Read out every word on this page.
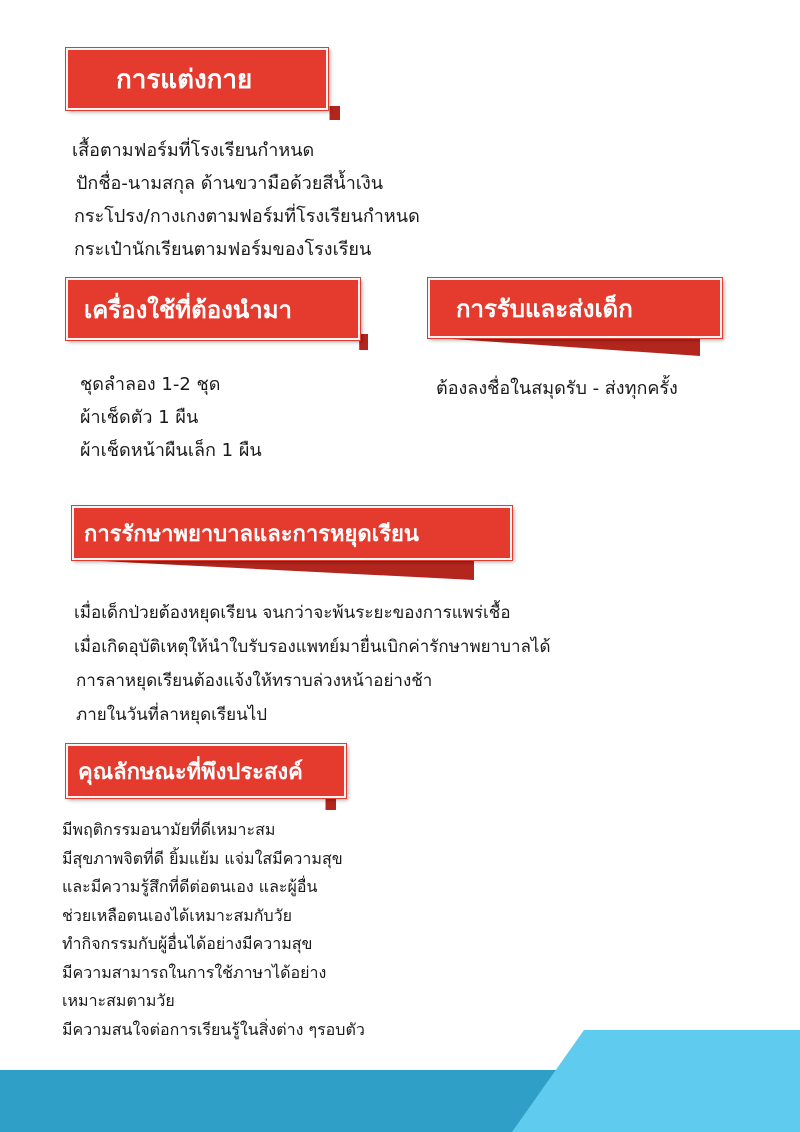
การแต่งกาย
เสื้อตามฟอร์มที่โรงเรียนกำหนด
ปักชื่อ-นามสกุล ด้านขวามือด้วยสีน้ำเงิน
กระโปรง/กางเกงตามฟอร์มที่โรงเรียนกำหนด
กระเป๋านักเรียนตามฟอร์มของโรงเรียน
เครื่องใช้ที่ต้องนำมา
ชุดลำลอง 1-2 ชุด
ผ้าเช็ดตัว 1 ผืน
ผ้าเช็ดหน้าผืนเล็ก 1 ผืน
การรับและส่งเด็ก
ต้องลงชื่อในสมุดรับ - ส่งทุกครั้ง
การรักษาพยาบาลและการหยุดเรียน
เมื่อเด็กป่วยต้องหยุดเรียน จนกว่าจะพ้นระยะของการแพร่เชื้อ
เมื่อเกิดอุบัติเหตุให้นำใบรับรองแพทย์มายื่นเบิกค่ารักษาพยาบาลได้
การลาหยุดเรียนต้องแจ้งให้ทราบล่วงหน้าอย่างช้า
ภายในวันที่ลาหยุดเรียนไป
คุณลักษณะที่พึงประสงค์
มีพฤติกรรมอนามัยที่ดีเหมาะสม
มีสุขภาพจิตที่ดี ยิ้มแย้ม แจ่มใสมีความสุข
และมีความรู้สึกที่ดีต่อตนเอง และผู้อื่น
ช่วยเหลือตนเองได้เหมาะสมกับวัย
ทำกิจกรรมกับผู้อื่นได้อย่างมีความสุข
มีความสามารถในการใช้ภาษาได้อย่าง
เหมาะสมตามวัย
มีความสนใจต่อการเรียนรู้ในสิ่งต่าง ๆรอบตัว
